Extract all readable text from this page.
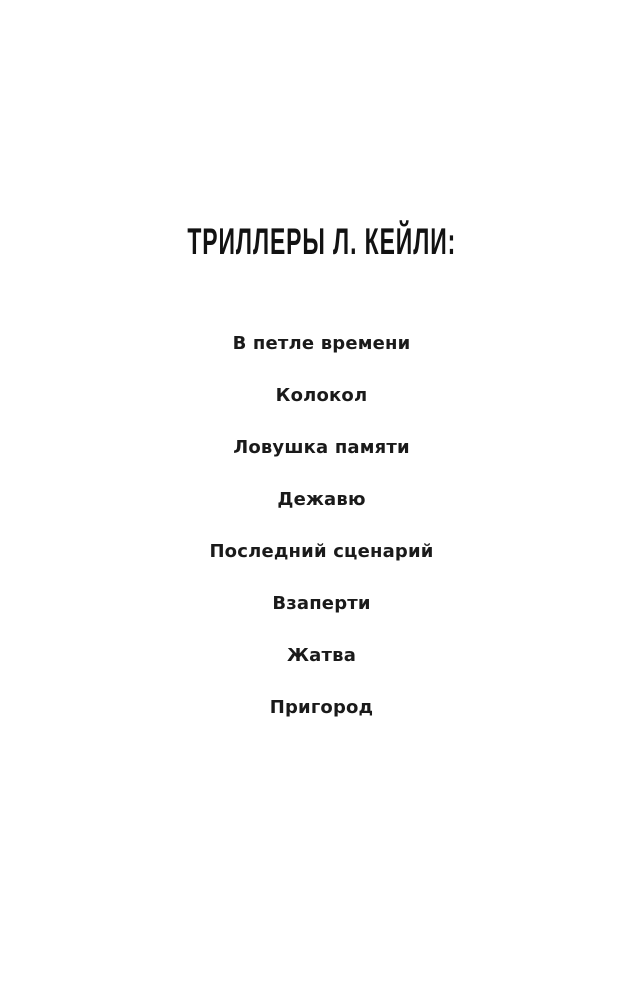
ТРИЛЛЕРЫ Л. КЕЙЛИ:
В петле времени
Колокол
Ловушка памяти
Дежавю
Последний сценарий
Взаперти
Жатва
Пригород
